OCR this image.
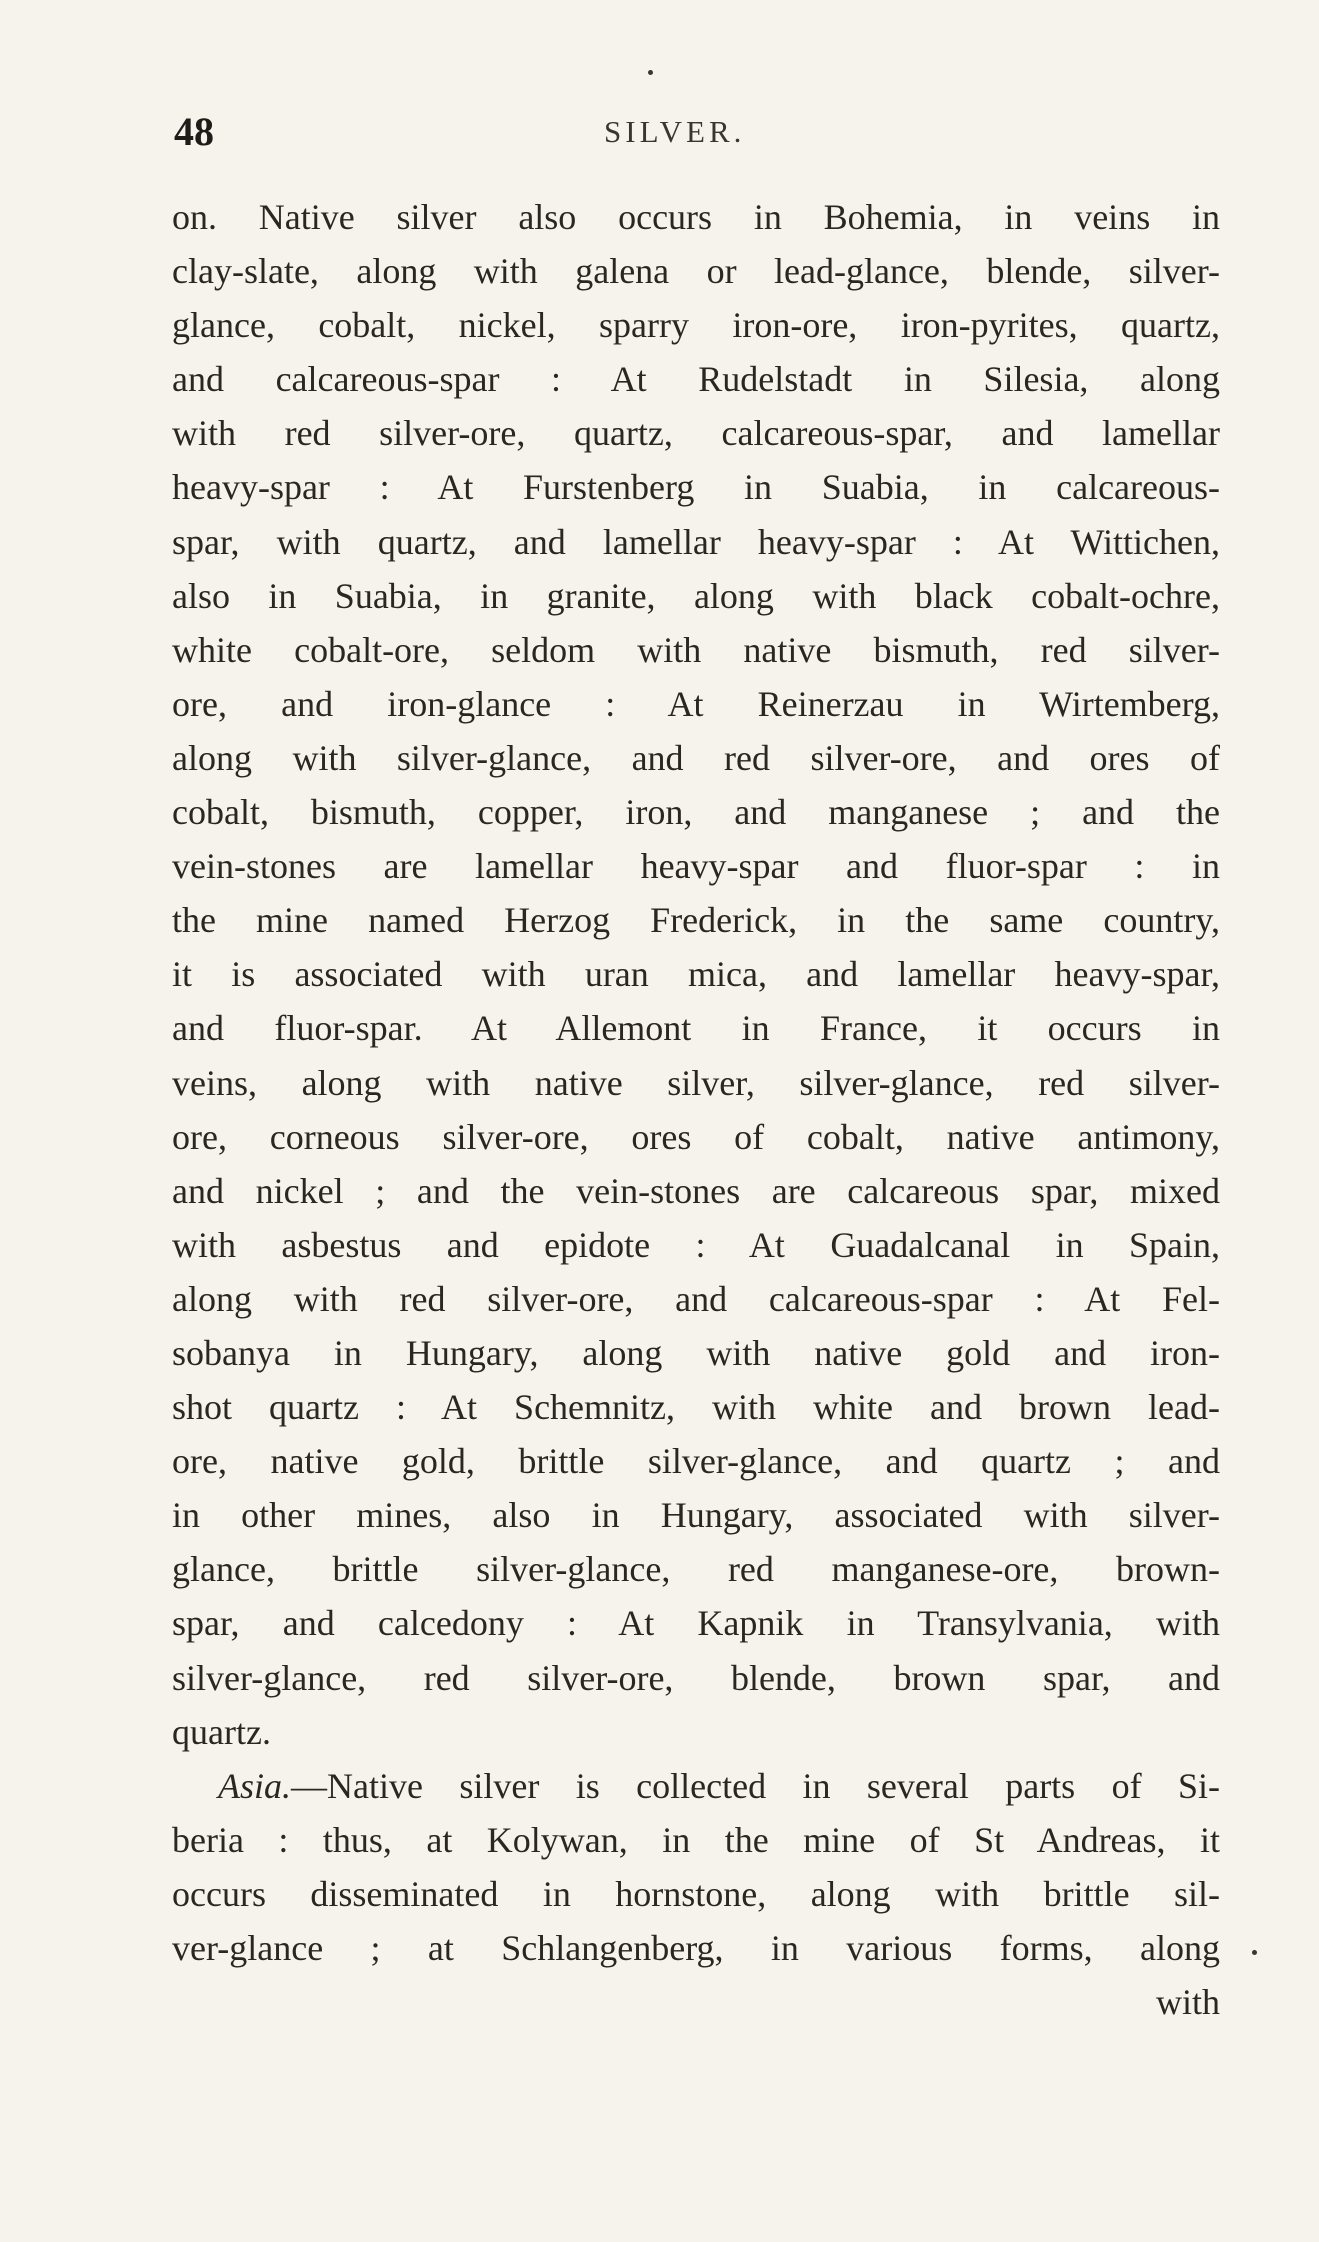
48	SILVER.
on. Native silver also occurs in Bohemia, in veins in
clay-slate, along with galena or lead-glance, blende, silver-
glance, cobalt, nickel, sparry iron-ore, iron-pyrites, quartz,
and calcareous-spar : At Rudelstadt in Silesia, along
with red silver-ore, quartz, calcareous-spar, and lamellar
heavy-spar : At Furstenberg in Suabia, in calcareous-
spar, with quartz, and lamellar heavy-spar : At Wittichen,
also in Suabia, in granite, along with black cobalt-ochre,
white cobalt-ore, seldom with native bismuth, red silver-
ore, and iron-glance : At Reinerzau in Wirtemberg,
along with silver-glance, and red silver-ore, and ores of
cobalt, bismuth, copper, iron, and manganese ; and the
vein-stones are lamellar heavy-spar and fluor-spar : in
the mine named Herzog Frederick, in the same country,
it is associated with uran mica, and lamellar heavy-spar,
and fluor-spar. At Allemont in France, it occurs in
veins, along with native silver, silver-glance, red silver-
ore, corneous silver-ore, ores of cobalt, native antimony,
and nickel ; and the vein-stones are calcareous spar, mixed
with asbestus and epidote : At Guadalcanal in Spain,
along with red silver-ore, and calcareous-spar : At Fel-
sobanya in Hungary, along with native gold and iron-
shot quartz : At Schemnitz, with white and brown lead-
ore, native gold, brittle silver-glance, and quartz ; and
in other mines, also in Hungary, associated with silver-
glance, brittle silver-glance, red manganese-ore, brown-
spar, and calcedony : At Kapnik in Transylvania, with
silver-glance, red silver-ore, blende, brown spar, and
quartz.
Asia.—Native silver is collected in several parts of Si-
beria : thus, at Kolywan, in the mine of St Andreas, it
occurs disseminated in hornstone, along with brittle sil-
ver-glance ; at Schlangenberg, in various forms, along
with
